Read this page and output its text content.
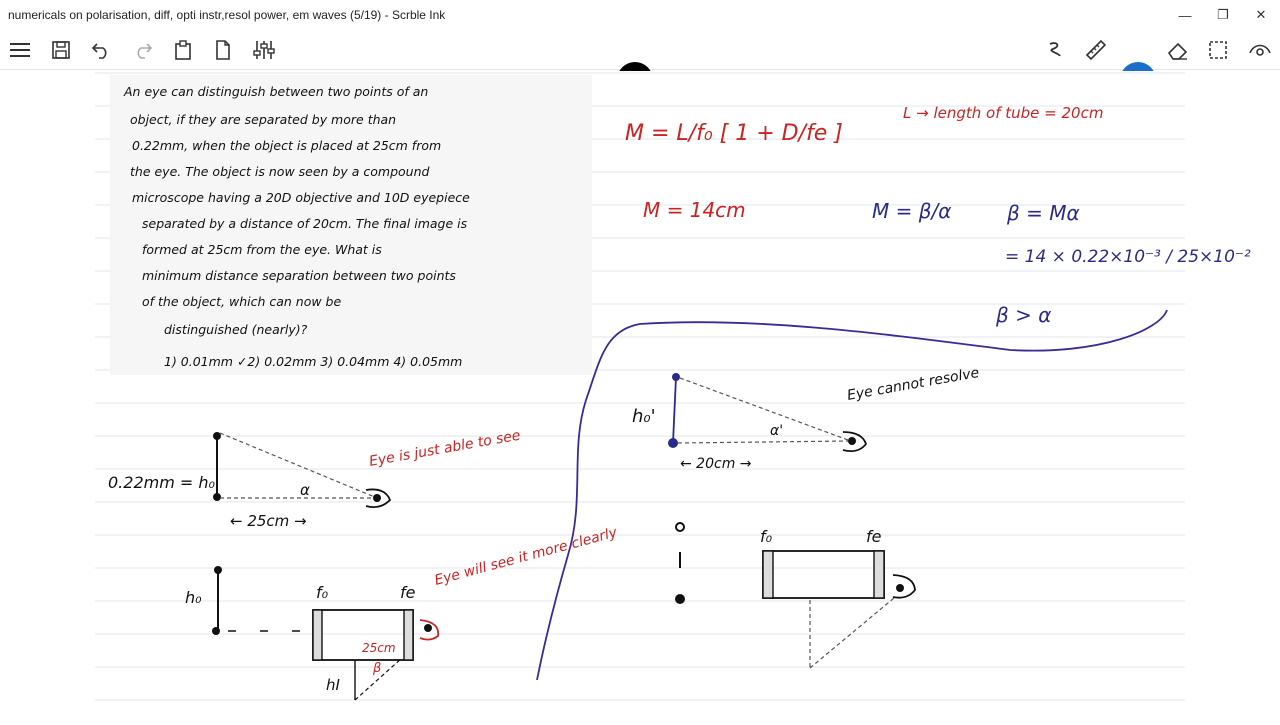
numericals on polarisation, diff, opti instr,resol power, em waves (5/19) - Scrble Ink	—	❐	✕
An eye can distinguish between two points of an
object, if they are separated by more than
0.22mm, when the object is placed at 25cm from
the eye. The object is now seen by a compound
microscope having a 20D objective and 10D eyepiece
separated by a distance of 20cm. The final image is
formed at 25cm from the eye. What is
minimum distance separation between two points
of the object, which can now be
distinguished (nearly)?
1) 0.01mm ✓2) 0.02mm 3) 0.04mm 4) 0.05mm
M = L/f₀ [ 1 + D/fe ]
L → length of tube = 20cm
M = 14cm	M = β/α	β = Mα
= 14 × 0.22×10⁻³ / 25×10⁻²
β > α
0.22mm = h₀
← 25cm →
α
Eye is just able to see
f₀	fe
h₀
hI
25cm
β
Eye will see it more clearly
h₀'
α'
← 20cm →
Eye cannot resolve
f₀	fe
